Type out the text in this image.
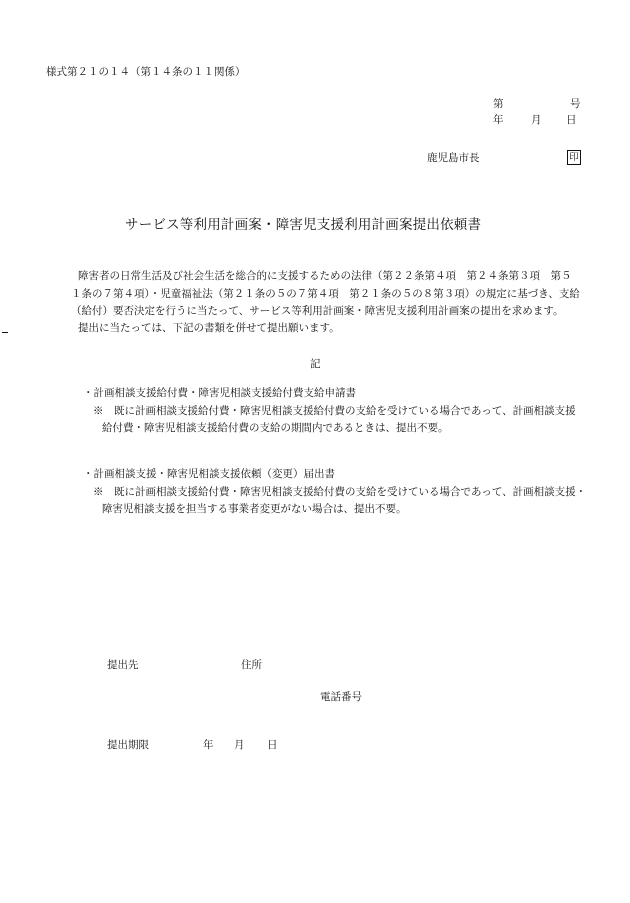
様式第２１の１４（第１４条の１１関係）
第	号
年	月 日
鹿児島市長	印
サービス等利用計画案・障害児支援利用計画案提出依頼書

障害者の日常生活及び社会生活を総合的に支援するための法律（第２２条第４項　第２４条第３項　第５

１条の７第４項）・児童福祉法（第２１条の５の７第４項　第２１条の５の８第３項）の規定に基づき、支給

（給付）要否決定を行うに当たって、サービス等利用計画案・障害児支援利用計画案の提出を求めます。

提出に当たっては、下記の書類を併せて提出願います。

記
・計画相談支援給付費・障害児相談支援給付費支給申請書
※　既に計画相談支援給付費・障害児相談支援給付費の支給を受けている場合であって、計画相談支援
給付費・障害児相談支援給付費の支給の期間内であるときは、提出不要。
・計画相談支援・障害児相談支援依頼（変更）届出書
※　既に計画相談支援給付費・障害児相談支援給付費の支給を受けている場合であって、計画相談支援・
障害児相談支援を担当する事業者変更がない場合は、提出不要。
提出先	住所
電話番号
提出期限	年 月 日
